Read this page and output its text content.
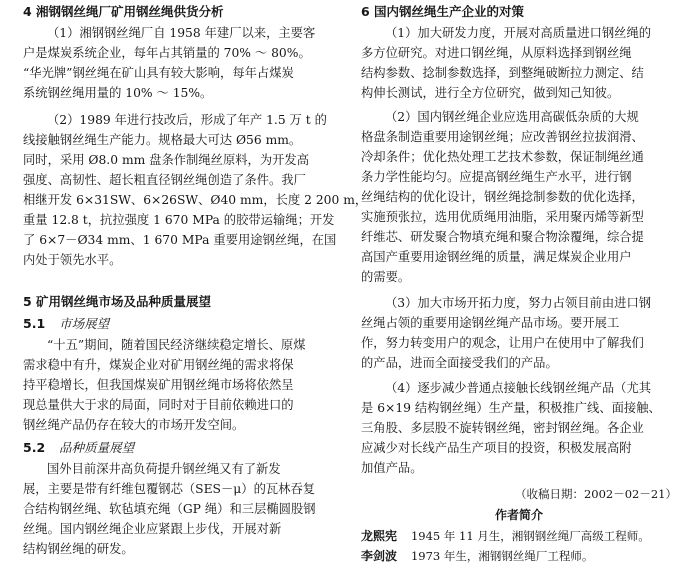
4 湘钢钢丝绳厂矿用钢丝绳供货分析
（1）湘钢钢丝绳厂自 1958 年建厂以来，主要客
户是煤炭系统企业，每年占其销量的 70% ～ 80%。
“华光牌”钢丝绳在矿山具有较大影响，每年占煤炭
系统钢丝绳用量的 10% ～ 15%。
（2）1989 年进行技改后，形成了年产 1.5 万 t 的
线接触钢丝绳生产能力。规格最大可达 Ø56 mm。
同时，采用 Ø8.0 mm 盘条作制绳丝原料，为开发高
强度、高韧性、超长粗直径钢丝绳创造了条件。我厂
相继开发 6×31SW、6×26SW、Ø40 mm，长度 2 200 m，
重量 12.8 t，抗拉强度 1 670 MPa 的胶带运输绳；开发
了 6×7－Ø34 mm、1 670 MPa 重要用途钢丝绳，在国
内处于领先水平。
5 矿用钢丝绳市场及品种质量展望
5.1 市场展望
“十五”期间，随着国民经济继续稳定增长、原煤
需求稳中有升，煤炭企业对矿用钢丝绳的需求将保
持平稳增长，但我国煤炭矿用钢丝绳市场将依然呈
现总量供大于求的局面，同时对于目前依赖进口的
钢丝绳产品仍存在较大的市场开发空间。
5.2 品种质量展望
国外目前深井高负荷提升钢丝绳又有了新发
展，主要是带有纤维包覆钢芯（SES－μ）的瓦林吞复
合结构钢丝绳、软毡填充绳（GP 绳）和三层椭圆股钢
丝绳。国内钢丝绳企业应紧跟上步伐，开展对新
结构钢丝绳的研发。
6 国内钢丝绳生产企业的对策
（1）加大研发力度，开展对高质量进口钢丝绳的
多方位研究。对进口钢丝绳，从原料选择到钢丝绳
结构参数、捻制参数选择，到整绳破断拉力测定、结
构伸长测试，进行全方位研究，做到知己知彼。
（2）国内钢丝绳企业应选用高碳低杂质的大规
格盘条制造重要用途钢丝绳；应改善钢丝拉拔润滑、
冷却条件；优化热处理工艺技术参数，保证制绳丝通
条力学性能均匀。应提高钢丝绳生产水平，进行钢
丝绳结构的优化设计，钢丝绳捻制参数的优化选择，
实施预张拉，选用优质绳用油脂，采用聚丙烯等新型
纤维芯、研发聚合物填充绳和聚合物涂覆绳，综合提
高国产重要用途钢丝绳的质量，满足煤炭企业用户
的需要。
（3）加大市场开拓力度，努力占领目前由进口钢
丝绳占领的重要用途钢丝绳产品市场。要开展工
作，努力转变用户的观念，让用户在使用中了解我们
的产品，进而全面接受我们的产品。
（4）逐步减少普通点接触长线钢丝绳产品（尤其
是 6×19 结构钢丝绳）生产量，积极推广线、面接触、
三角股、多层股不旋转钢丝绳，密封钢丝绳。各企业
应减少对长线产品生产项目的投资，积极发展高附
加值产品。
（收稿日期：2002－02－21）
作者简介
龙熙宪 1945 年 11 月生，湘钢钢丝绳厂高级工程师。
李剑波 1973 年生，湘钢钢丝绳厂工程师。
